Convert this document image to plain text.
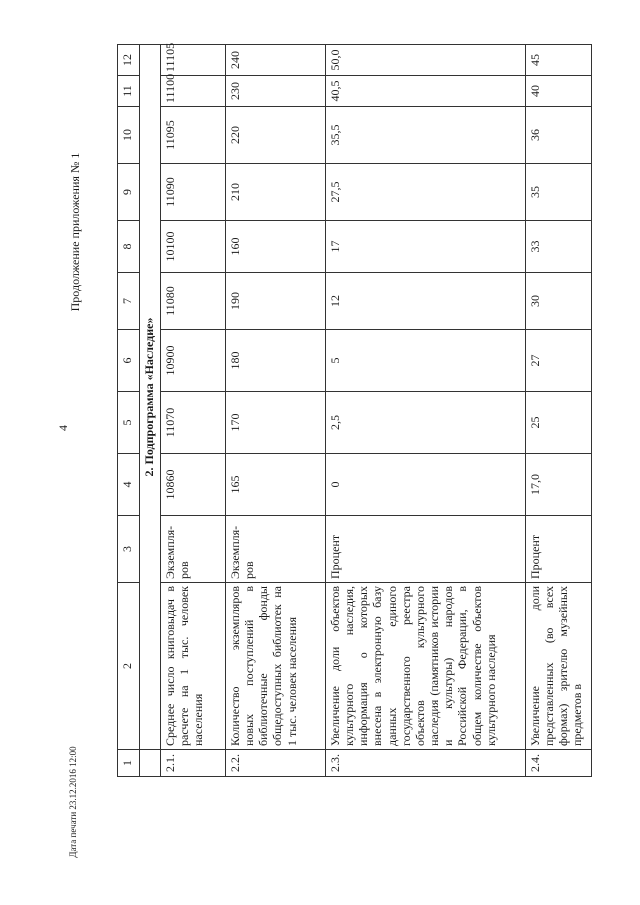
4
Продолжение приложения № 1
Дата печати 23.12.2016 12:00	1	2	3	4	5	6	7	8	9	10	11	12
	2. Подпрограмма «Наследие»										
2.1.	Среднее число книговыдач в расчете на 1 тыс. человек населения	Экземпля-ров	10860	11070	10900	11080	10100	11090	11095	11100	11105
2.2.	Количество экземпляров новых поступлений в библиотечные фонды общедоступных библиотек на 1 тыс. человек населения	Экземпля-ров	165	170	180	190	160	210	220	230	240
2.3.	Увеличение доли объектов культурного наследия, информация о которых внесена в электронную базу данных единого государственного реестра объектов культурного наследия (памятников истории и культуры) народов Российской Федерации, в общем количестве объектов культурного наследия	Процент	0	2,5	5	12	17	27,5	35,5	40,5	50,0
2.4.	Увеличение доли представленных (во всех формах) зрителю музейных предметов в	Процент	17,0	25	27	30	33	35	36	40	45
